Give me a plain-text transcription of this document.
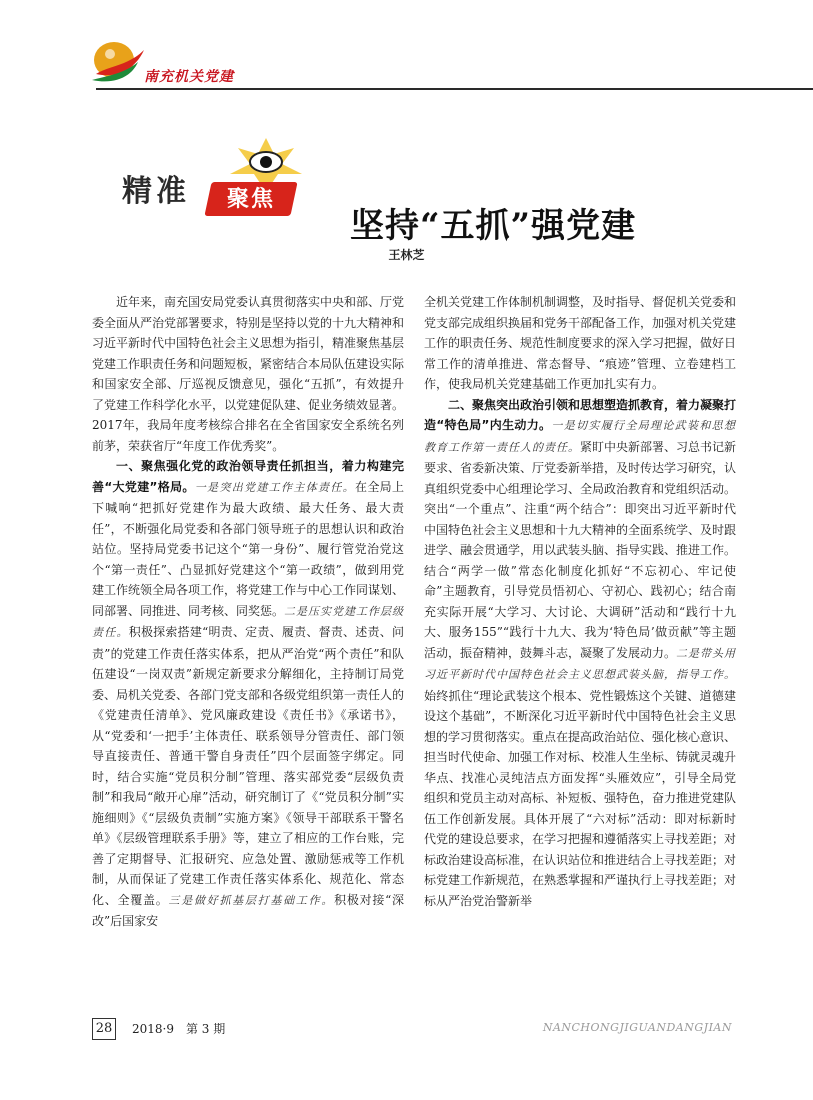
南充机关党建
精准	聚焦
坚持“五抓”强党建
王林芝

近年来，南充国安局党委认真贯彻落实中央和部、厅党委全面从严治党部署要求，特别是坚持以党的十九大精神和习近平新时代中国特色社会主义思想为指引，精准聚焦基层党建工作职责任务和问题短板，紧密结合本局队伍建设实际和国家安全部、厅巡视反馈意见，强化“五抓”，有效提升了党建工作科学化水平，以党建促队建、促业务绩效显著。2017年，我局年度考核综合排名在全省国家安全系统名列前茅，荣获省厅“年度工作优秀奖”。

一、聚焦强化党的政治领导责任抓担当，着力构建完善“大党建”格局。一是突出党建工作主体责任。在全局上下喊响“把抓好党建作为最大政绩、最大任务、最大责任”，不断强化局党委和各部门领导班子的思想认识和政治站位。坚持局党委书记这个“第一身份”、履行管党治党这个“第一责任”、凸显抓好党建这个“第一政绩”，做到用党建工作统领全局各项工作，将党建工作与中心工作同谋划、同部署、同推进、同考核、同奖惩。二是压实党建工作层级责任。积极探索搭建“明责、定责、履责、督责、述责、问责”的党建工作责任落实体系，把从严治党“两个责任”和队伍建设“一岗双责”新规定新要求分解细化，主持制订局党委、局机关党委、各部门党支部和各级党组织第一责任人的《党建责任清单》、党风廉政建设《责任书》《承诺书》，从“党委和‘一把手’主体责任、联系领导分管责任、部门领导直接责任、普通干警自身责任”四个层面签字绑定。同时，结合实施“党员积分制”管理、落实部党委“层级负责制”和我局“敞开心扉”活动，研究制订了《“党员积分制”实施细则》《“层级负责制”实施方案》《领导干部联系干警名单》《层级管理联系手册》等，建立了相应的工作台账，完善了定期督导、汇报研究、应急处置、激励惩戒等工作机制，从而保证了党建工作责任落实体系化、规范化、常态化、全覆盖。三是做好抓基层打基础工作。积极对接“深改”后国家安

全机关党建工作体制机制调整，及时指导、督促机关党委和党支部完成组织换届和党务干部配备工作，加强对机关党建工作的职责任务、规范性制度要求的深入学习把握，做好日常工作的清单推进、常态督导、“痕迹”管理、立卷建档工作，使我局机关党建基础工作更加扎实有力。

二、聚焦突出政治引领和思想塑造抓教育，着力凝聚打造“特色局”内生动力。一是切实履行全局理论武装和思想教育工作第一责任人的责任。紧盯中央新部署、习总书记新要求、省委新决策、厅党委新举措，及时传达学习研究，认真组织党委中心组理论学习、全局政治教育和党组织活动。突出“一个重点”、注重“两个结合”：即突出习近平新时代中国特色社会主义思想和十九大精神的全面系统学、及时跟进学、融会贯通学，用以武装头脑、指导实践、推进工作。结合“两学一做”常态化制度化抓好“不忘初心、牢记使命”主题教育，引导党员悟初心、守初心、践初心；结合南充实际开展“大学习、大讨论、大调研”活动和“践行十九大、服务155”“践行十九大、我为‘特色局’做贡献”等主题活动，振奋精神，鼓舞斗志，凝聚了发展动力。二是带头用习近平新时代中国特色社会主义思想武装头脑，指导工作。始终抓住“理论武装这个根本、党性锻炼这个关键、道德建设这个基础”，不断深化习近平新时代中国特色社会主义思想的学习贯彻落实。重点在提高政治站位、强化核心意识、担当时代使命、加强工作对标、校准人生坐标、铸就灵魂升华点、找准心灵纯洁点方面发挥“头雁效应”，引导全局党组织和党员主动对高标、补短板、强特色，奋力推进党建队伍工作创新发展。具体开展了“六对标”活动：即对标新时代党的建设总要求，在学习把握和遵循落实上寻找差距；对标政治建设高标准，在认识站位和推进结合上寻找差距；对标党建工作新规范，在熟悉掌握和严谨执行上寻找差距；对标从严治党治警新举

28	2018·9　第 3 期	NANCHONGJIGUANDANGJIAN
